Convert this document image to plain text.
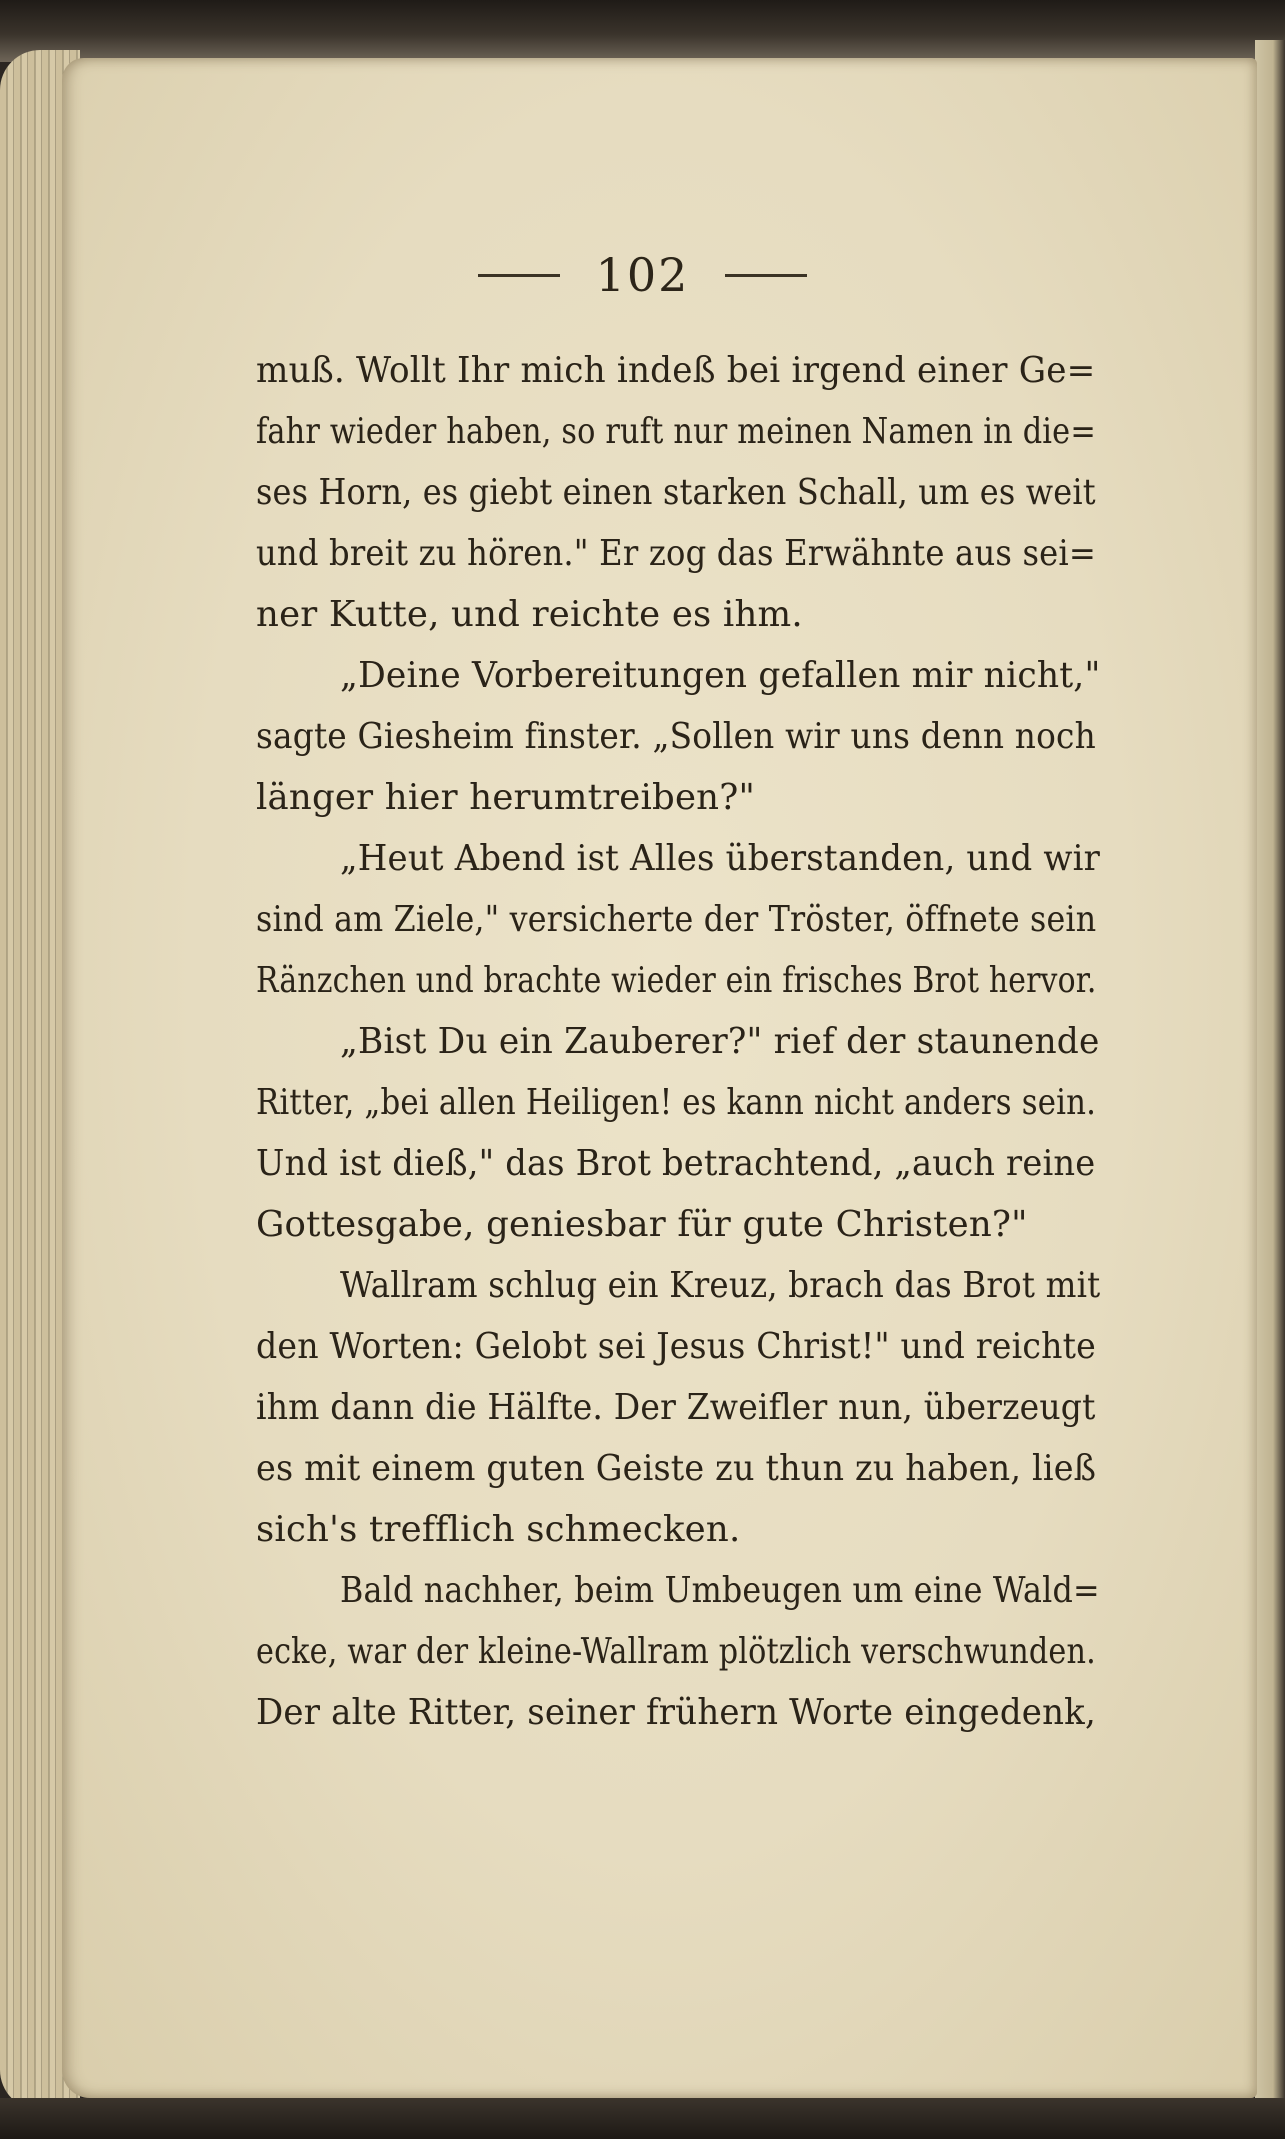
102
muß. Wollt Ihr mich indeß bei irgend einer Ge=
fahr wieder haben, so ruft nur meinen Namen in die=
ses Horn, es giebt einen starken Schall, um es weit
und breit zu hören." Er zog das Erwähnte aus sei=
ner Kutte, und reichte es ihm.
„Deine Vorbereitungen gefallen mir nicht,"
sagte Giesheim finster. „Sollen wir uns denn noch
länger hier herumtreiben?"
„Heut Abend ist Alles überstanden, und wir
sind am Ziele," versicherte der Tröster, öffnete sein
Ränzchen und brachte wieder ein frisches Brot hervor.
„Bist Du ein Zauberer?" rief der staunende
Ritter, „bei allen Heiligen! es kann nicht anders sein.
Und ist dieß," das Brot betrachtend, „auch reine
Gottesgabe, geniesbar für gute Christen?"
Wallram schlug ein Kreuz, brach das Brot mit
den Worten: Gelobt sei Jesus Christ!" und reichte
ihm dann die Hälfte. Der Zweifler nun, überzeugt
es mit einem guten Geiste zu thun zu haben, ließ
sich's trefflich schmecken.
Bald nachher, beim Umbeugen um eine Wald=
ecke, war der kleine-Wallram plötzlich verschwunden.
Der alte Ritter, seiner frühern Worte eingedenk,
